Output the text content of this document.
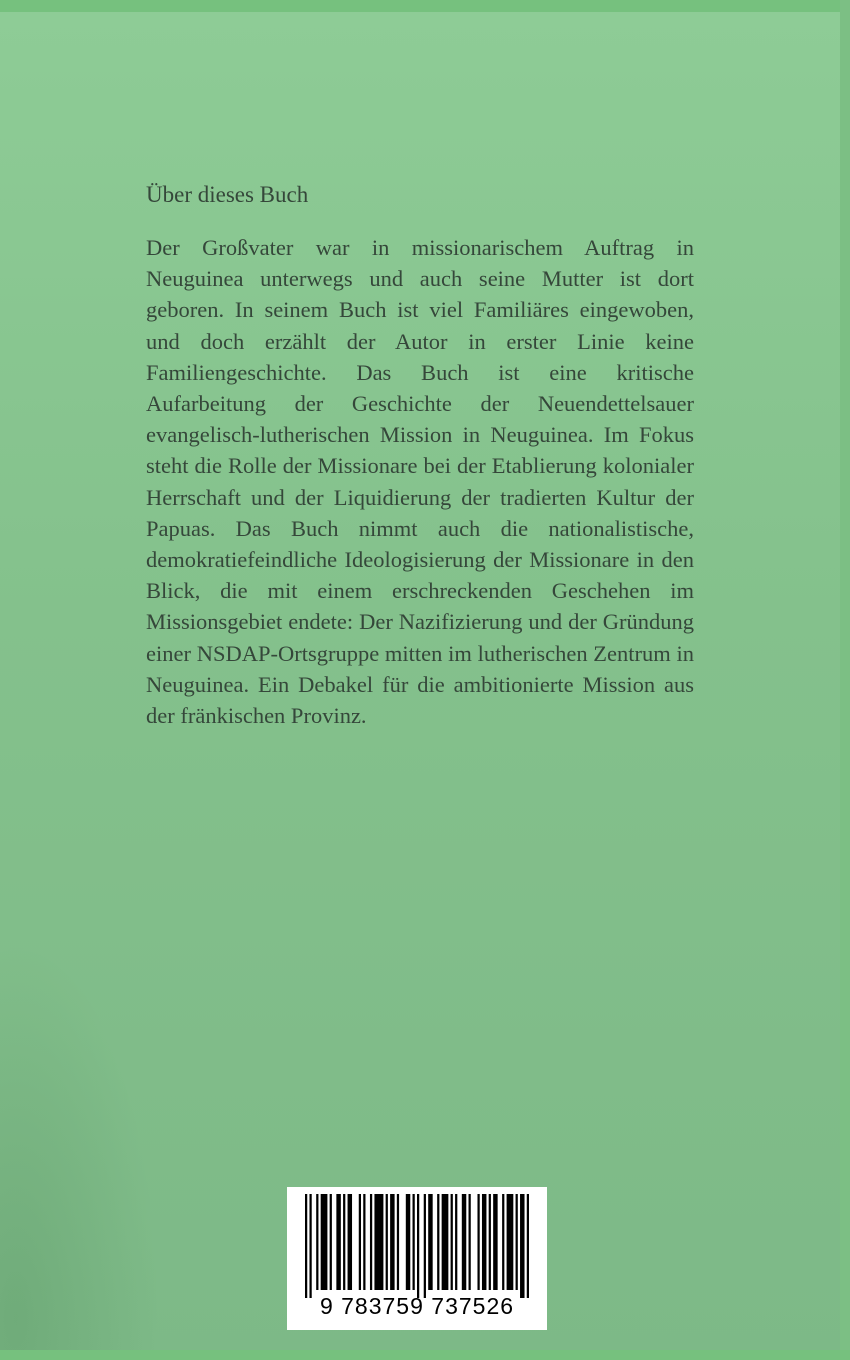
Über dieses Buch

Der Großvater war in missionarischem Auftrag in Neuguinea unterwegs und auch seine Mutter ist dort geboren. In seinem Buch ist viel Familiäres eingewoben, und doch erzählt der Autor in erster Linie keine Familiengeschichte. Das Buch ist eine kritische Aufarbeitung der Geschichte der Neuendettelsauer evangelisch-lutherischen Mission in Neuguinea. Im Fokus steht die Rolle der Missionare bei der Etablierung kolonialer Herrschaft und der Liquidierung der tradierten Kultur der Papuas. Das Buch nimmt auch die nationalistische, demokratiefeindliche Ideologisierung der Missionare in den Blick, die mit einem erschreckenden Geschehen im Missionsgebiet endete: Der Nazifizierung und der Gründung einer NSDAP-Ortsgruppe mitten im lutherischen Zentrum in Neuguinea. Ein Debakel für die ambitionierte Mission aus der fränkischen Provinz.

9 783759 737526
